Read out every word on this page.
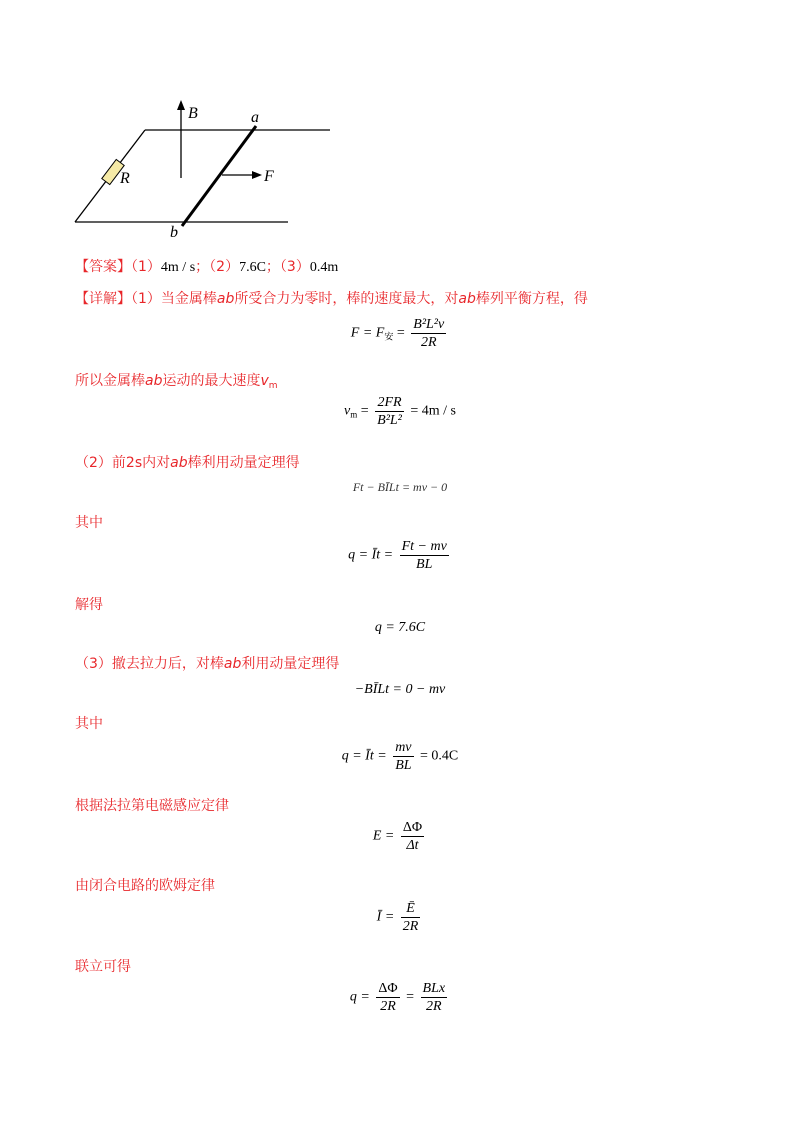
B	a
R	F
b
【答案】（1）4m / s；（2）7.6C；（3）0.4m
【详解】（1）当金属棒ab所受合力为零时，棒的速度最大，对ab棒列平衡方程，得
$F = F_安 = \frac{\text{B²L²v}}{2R}$
所以金属棒ab运动的最大速度$v_m$
$v_m = \frac{2FR}{\text{B²L²}} = 4m / s$
（2）前2s内对ab棒利用动量定理得
Ft − BĪLt = mv − 0
其中
q = Īt = $\frac{Ft - mv}{BL}$
解得
q = 7.6C
（3）撤去拉力后，对棒ab利用动量定理得
−BĪLt = 0 − mv
其中
q = Īt = $\frac{mv}{BL} = 0.4C$
根据法拉第电磁感应定律
$E = \frac{\Delta\Phi}{\Delta t}$
由闭合电路的欧姆定律
Ī = $\frac{Ē}{2R}$
联立可得
$q = \frac{\Delta\Phi}{2R} = \frac{\text{BLx}}{2R}$
